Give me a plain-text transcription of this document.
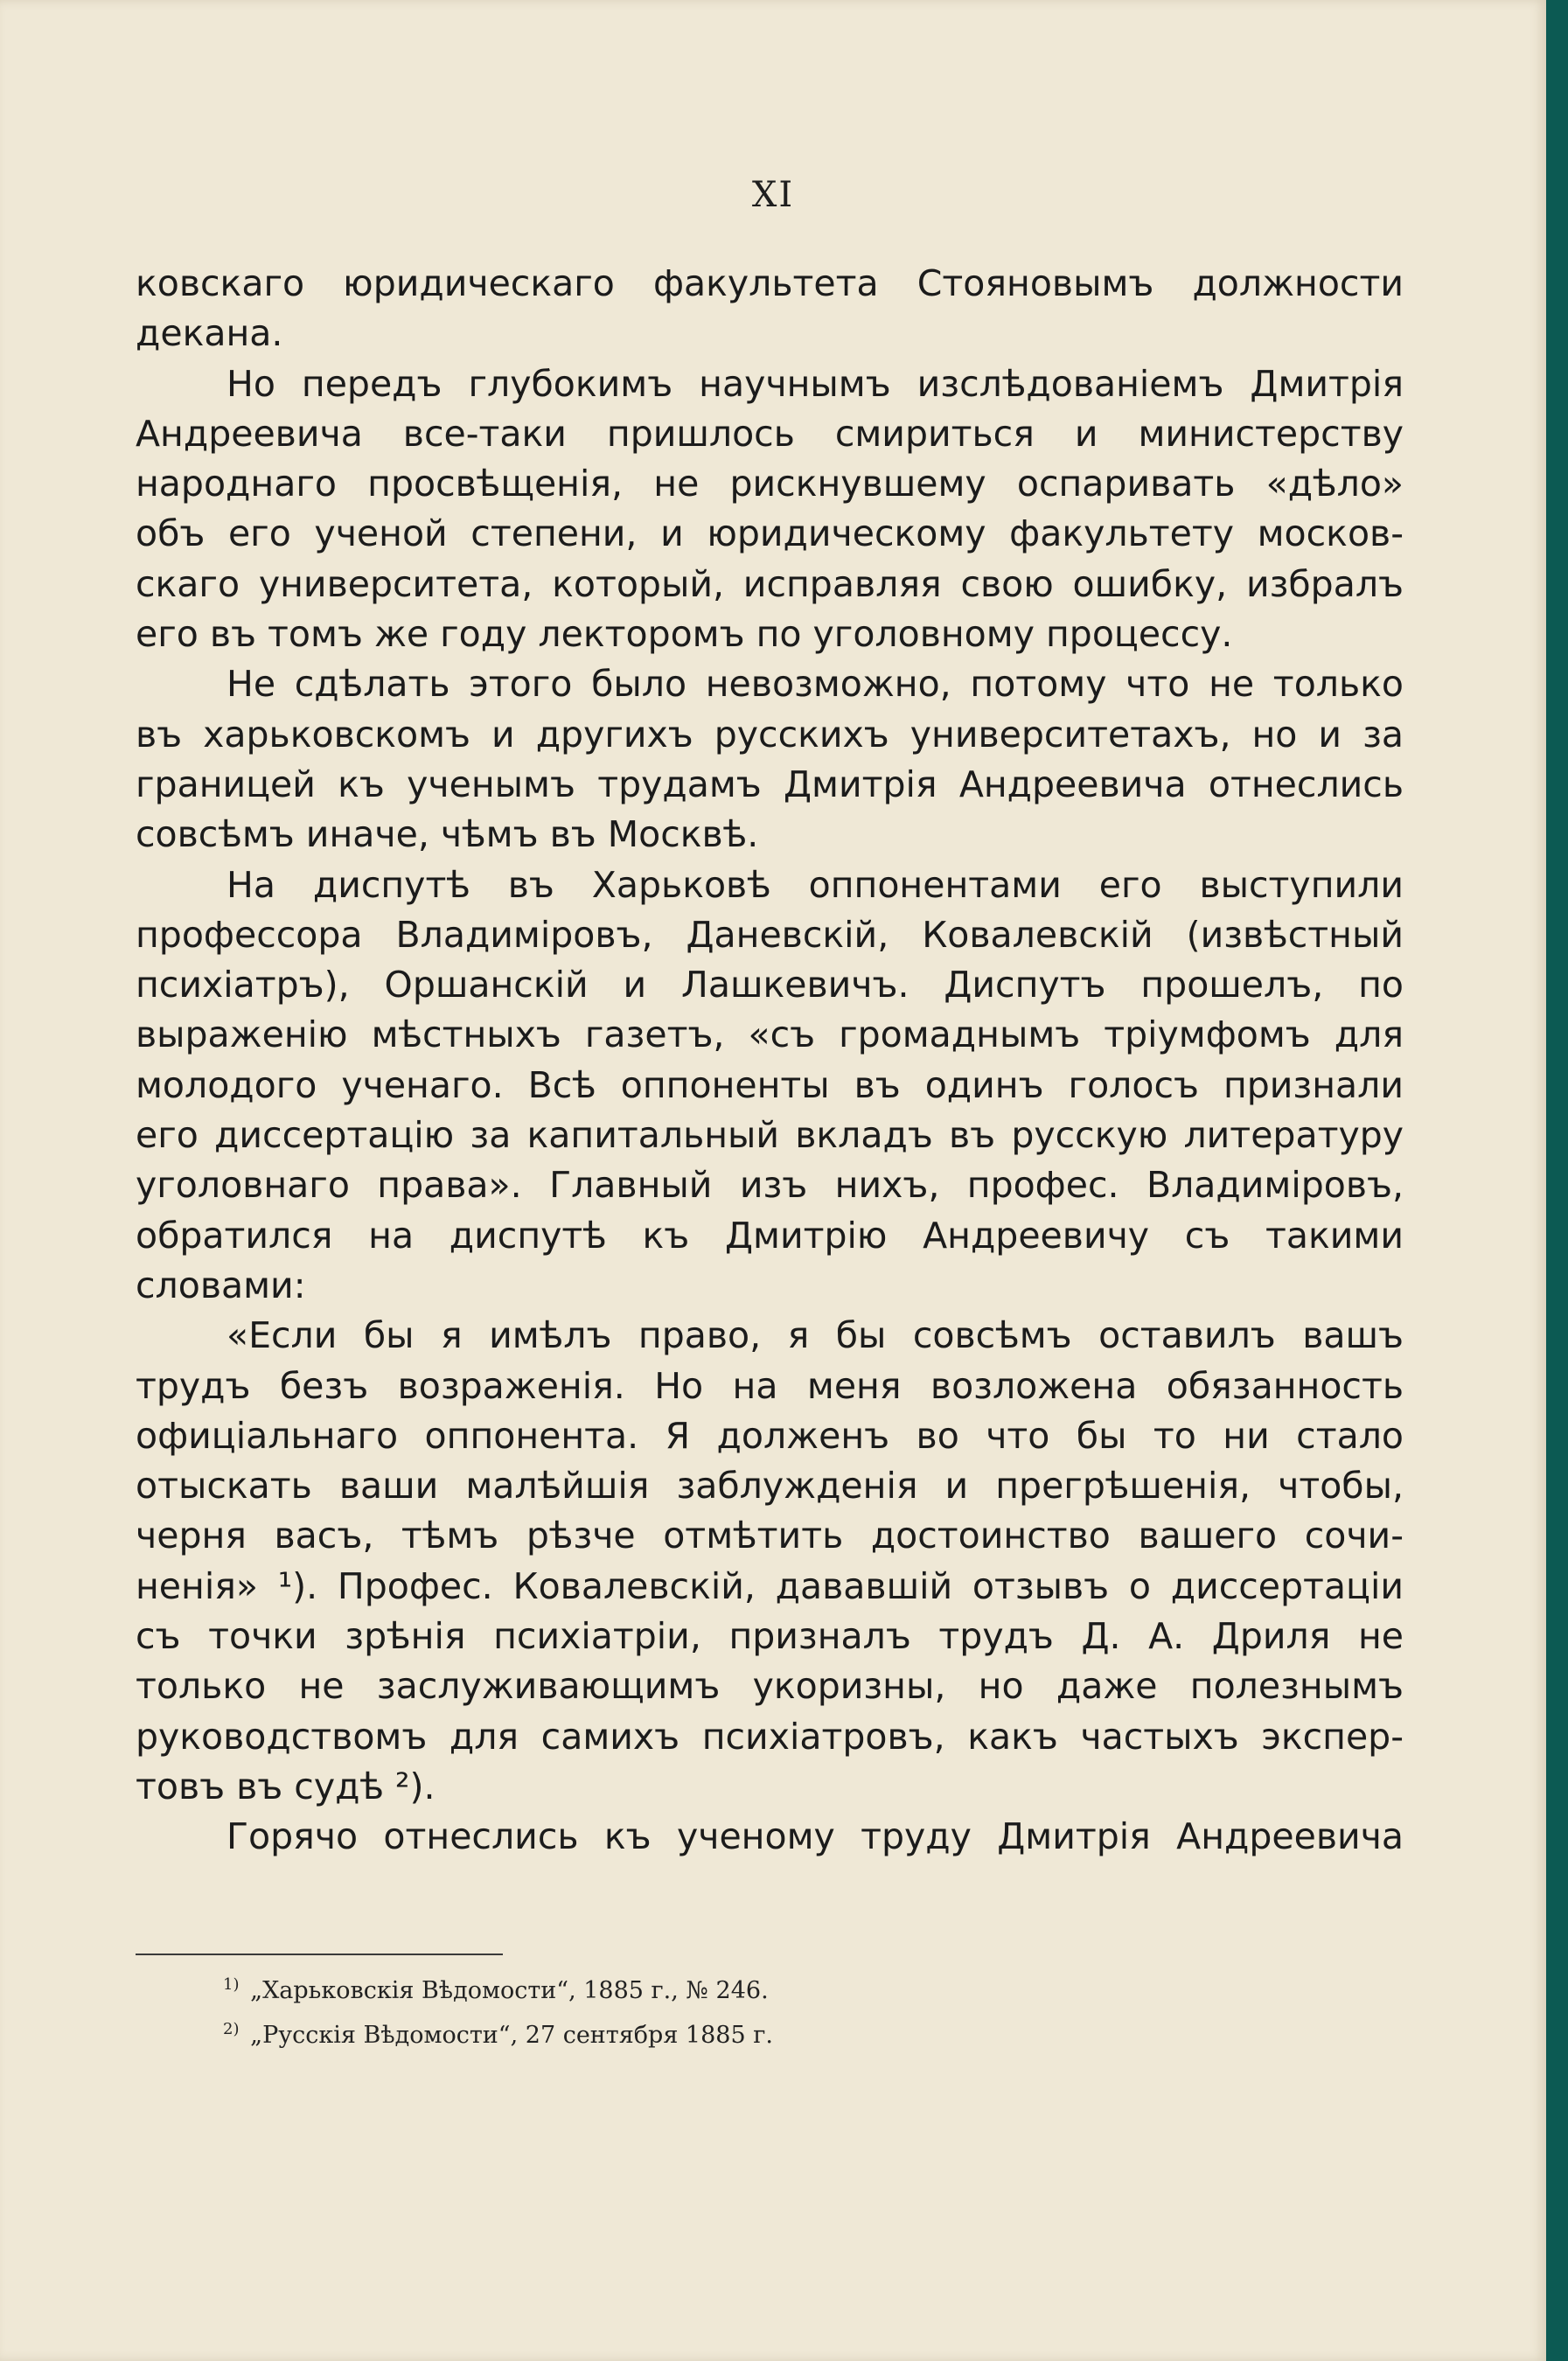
XI
ковскаго юридическаго факультета Стояновымъ должности
декана.
Но передъ глубокимъ научнымъ изслѣдованіемъ Дмитрія
Андреевича все-таки пришлось смириться и министерству
народнаго просвѣщенія, не рискнувшему оспаривать «дѣло»
объ его ученой степени, и юридическому факультету москов-
скаго университета, который, исправляя свою ошибку, избралъ
его въ томъ же году лекторомъ по уголовному процессу.
Не сдѣлать этого было невозможно, потому что не только
въ харьковскомъ и другихъ русскихъ университетахъ, но и за
границей къ ученымъ трудамъ Дмитрія Андреевича отнеслись
совсѣмъ иначе, чѣмъ въ Москвѣ.
На диспутѣ въ Харьковѣ оппонентами его выступили
профессора Владиміровъ, Даневскій, Ковалевскій (извѣстный
психіатръ), Оршанскій и Лашкевичъ. Диспутъ прошелъ, по
выраженію мѣстныхъ газетъ, «съ громаднымъ тріумфомъ для
молодого ученаго. Всѣ оппоненты въ одинъ голосъ признали
его диссертацію за капитальный вкладъ въ русскую литературу
уголовнаго права». Главный изъ нихъ, профес. Владиміровъ,
обратился на диспутѣ къ Дмитрію Андреевичу съ такими
словами:
«Если бы я имѣлъ право, я бы совсѣмъ оставилъ вашъ
трудъ безъ возраженія. Но на меня возложена обязанность
офиціальнаго оппонента. Я долженъ во что бы то ни стало
отыскать ваши малѣйшія заблужденія и прегрѣшенія, чтобы,
черня васъ, тѣмъ рѣзче отмѣтить достоинство вашего сочи-
ненія» ¹). Профес. Ковалевскій, дававшій отзывъ о диссертаціи
съ точки зрѣнія психіатріи, призналъ трудъ Д. А. Дриля не
только не заслуживающимъ укоризны, но даже полезнымъ
руководствомъ для самихъ психіатровъ, какъ частыхъ экспер-
товъ въ судѣ ²).
Горячо отнеслись къ ученому труду Дмитрія Андреевича
$^{1)}$ „Харьковскія Вѣдомости“, 1885 г., № 246.
$^{2)}$ „Русскія Вѣдомости“, 27 сентября 1885 г.
